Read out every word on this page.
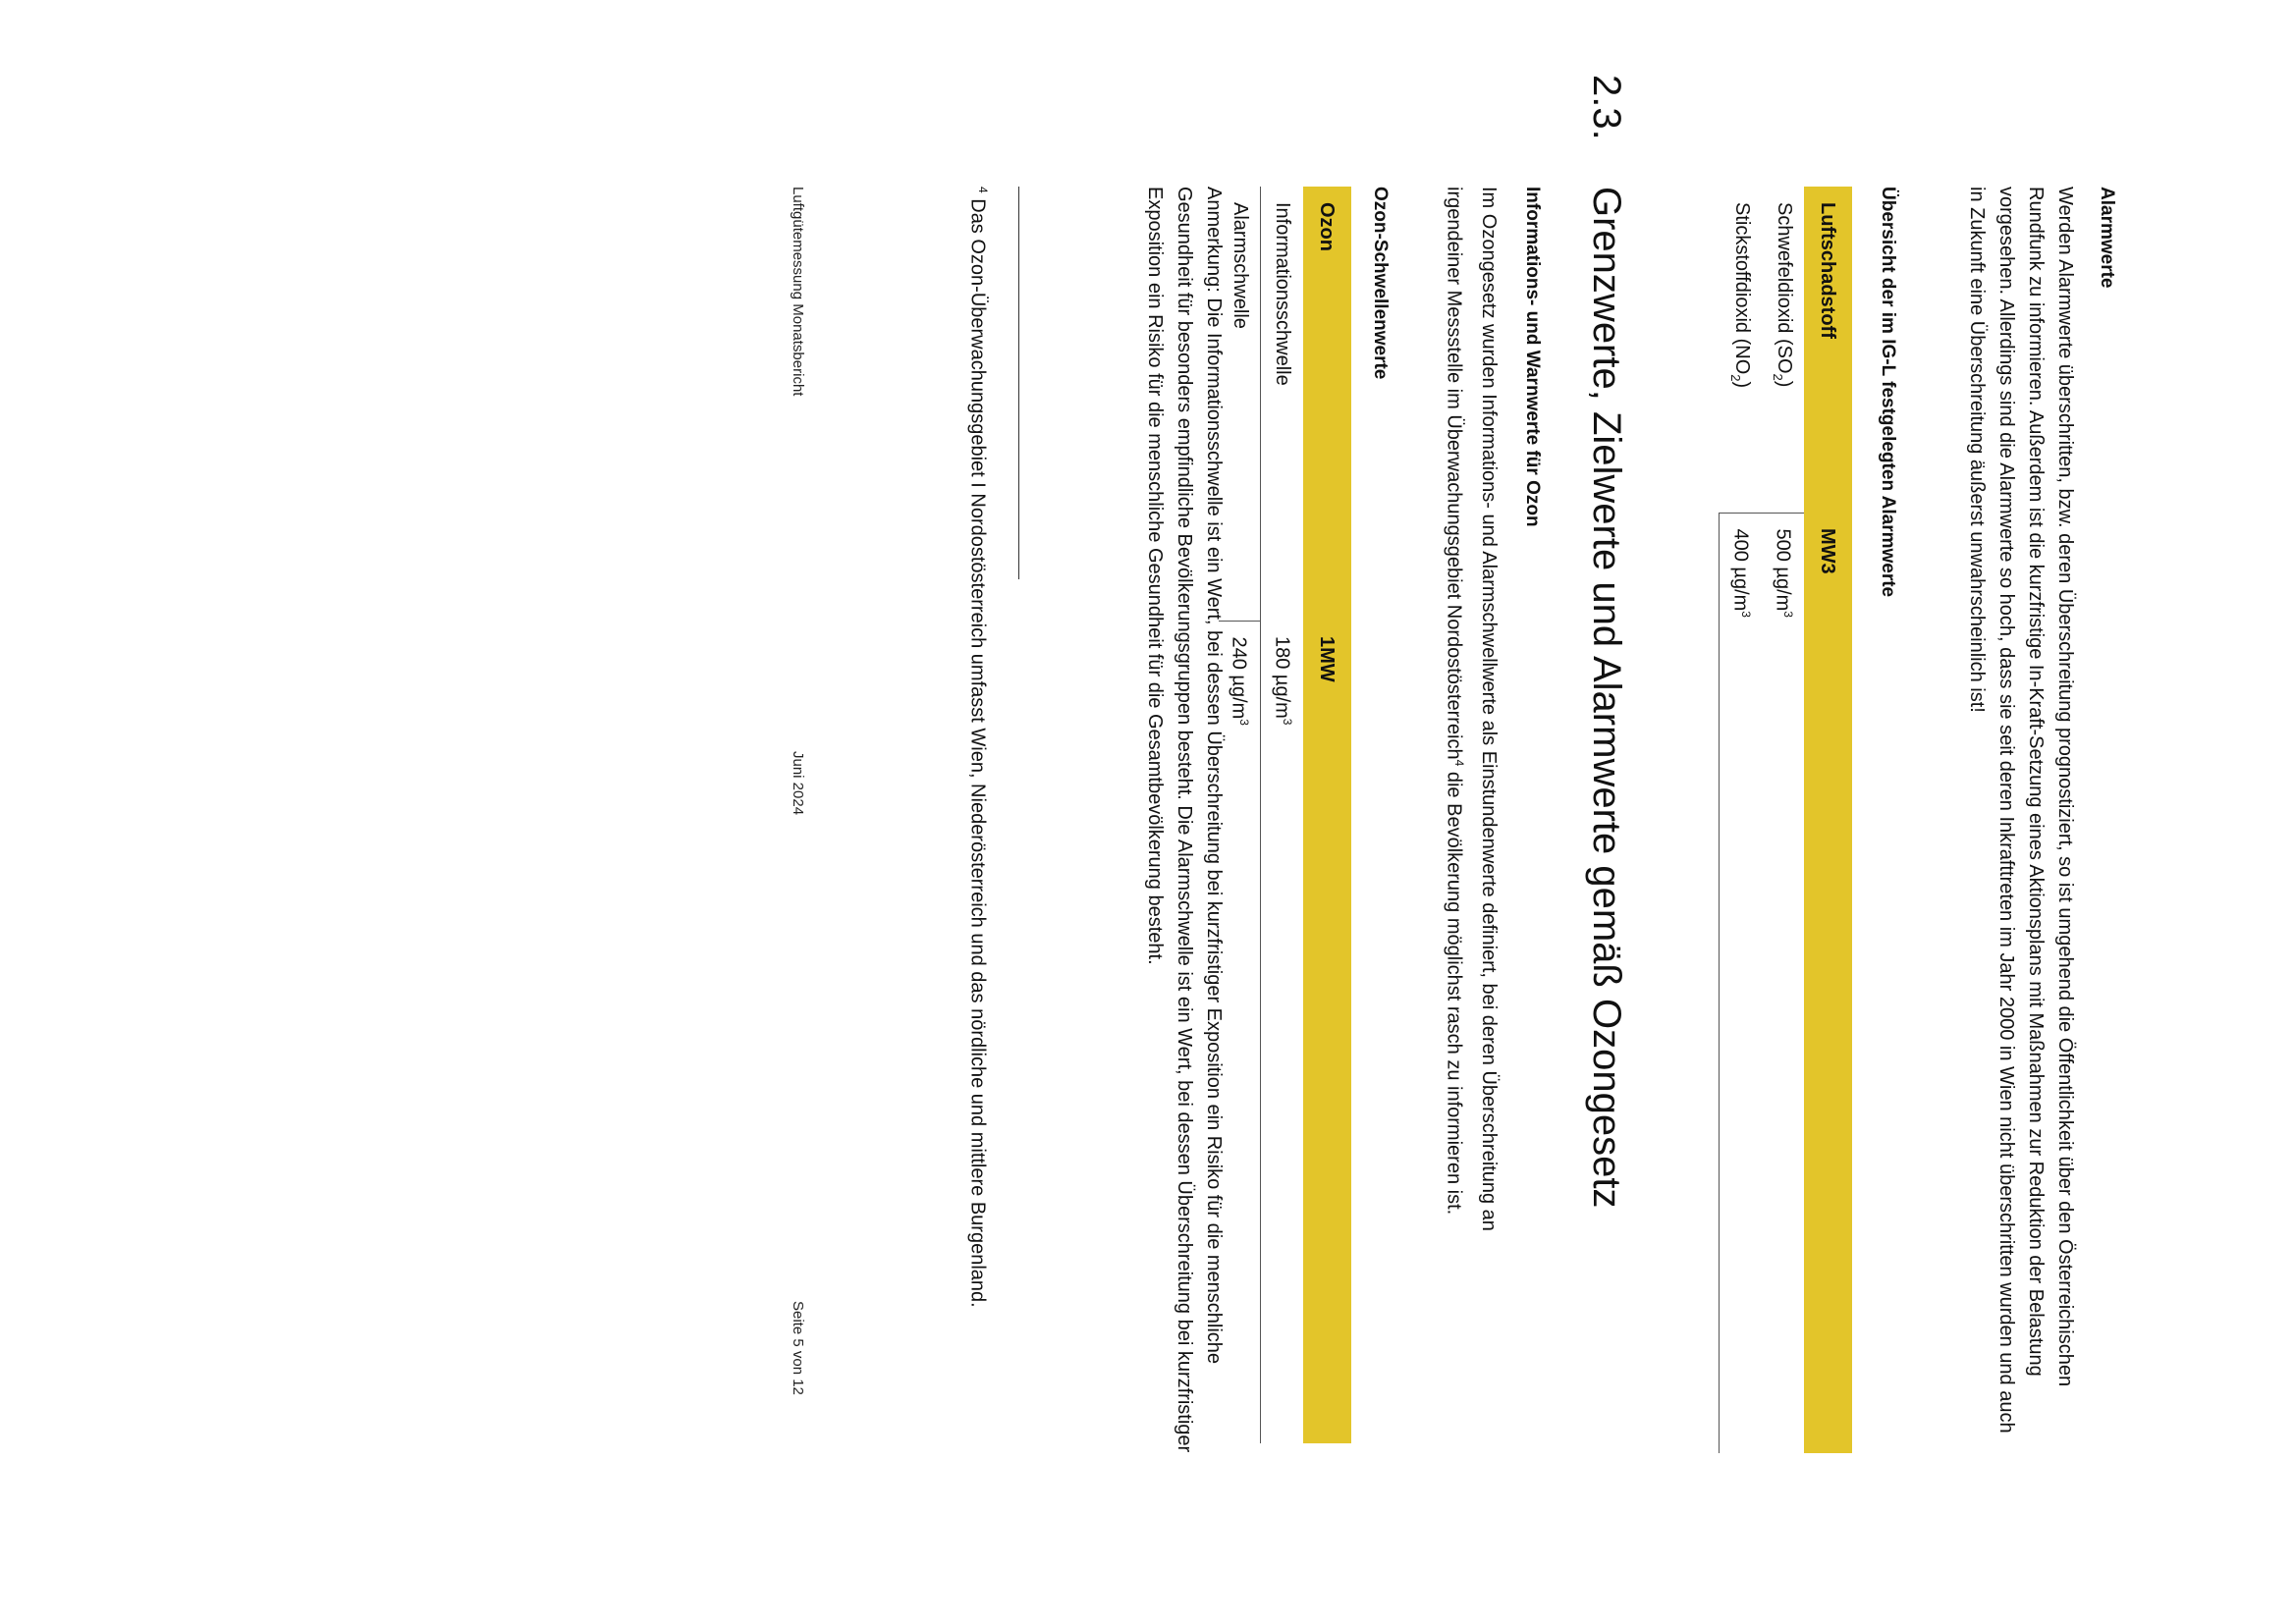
Alarmwerte
Werden Alarmwerte überschritten, bzw. deren Überschreitung prognostiziert, so ist umgehend die Öffentlichkeit über den Österreichischen Rundfunk zu informieren. Außerdem ist die kurzfristige In-Kraft-Setzung eines Aktionsplans mit Maßnahmen zur Reduktion der Belastung vorgesehen. Allerdings sind die Alarmwerte so hoch, dass sie seit deren Inkrafttreten im Jahr 2000 in Wien nicht überschritten wurden und auch in Zukunft eine Überschreitung äußerst unwahrscheinlich ist!
Übersicht der im IG-L festgelegten Alarmwerte
Luftschadstoff	MW3
Schwefeldioxid $(SO_2)$	500 $\mu g/m^3$
Stickstoffdioxid $(NO_2)$	400 $\mu g/m^3$
2.3.
Grenzwerte, Zielwerte und Alarmwerte gemäß Ozongesetz
Informations- und Warnwerte für Ozon
Im Ozongesetz wurden Informations- und Alarmschwellwerte als Einstundenwerte definiert, bei deren Überschreitung an irgendeiner Messstelle im Überwachungsgebiet Nordostösterreich$^4$ die Bevölkerung möglichst rasch zu informieren ist.
Ozon-Schwellenwerte
Ozon	1MW
Informationsschwelle	180 $\mu g/m^3$
Alarmschwelle	240 $\mu g/m^3$
Anmerkung: Die Informationsschwelle ist ein Wert, bei dessen Überschreitung bei kurzfristiger Exposition ein Risiko für die menschliche Gesundheit für besonders empfindliche Bevölkerungsgruppen besteht. Die Alarmschwelle ist ein Wert, bei dessen Überschreitung bei kurzfristiger Exposition ein Risiko für die menschliche Gesundheit für die Gesamtbevölkerung besteht.
$^4$ Das Ozon-Überwachungsgebiet I Nordostösterreich umfasst Wien, Niederösterreich und das nördliche und mittlere Burgenland.
Luftgütemessung Monatsbericht
Juni 2024
Seite 5 von 12
